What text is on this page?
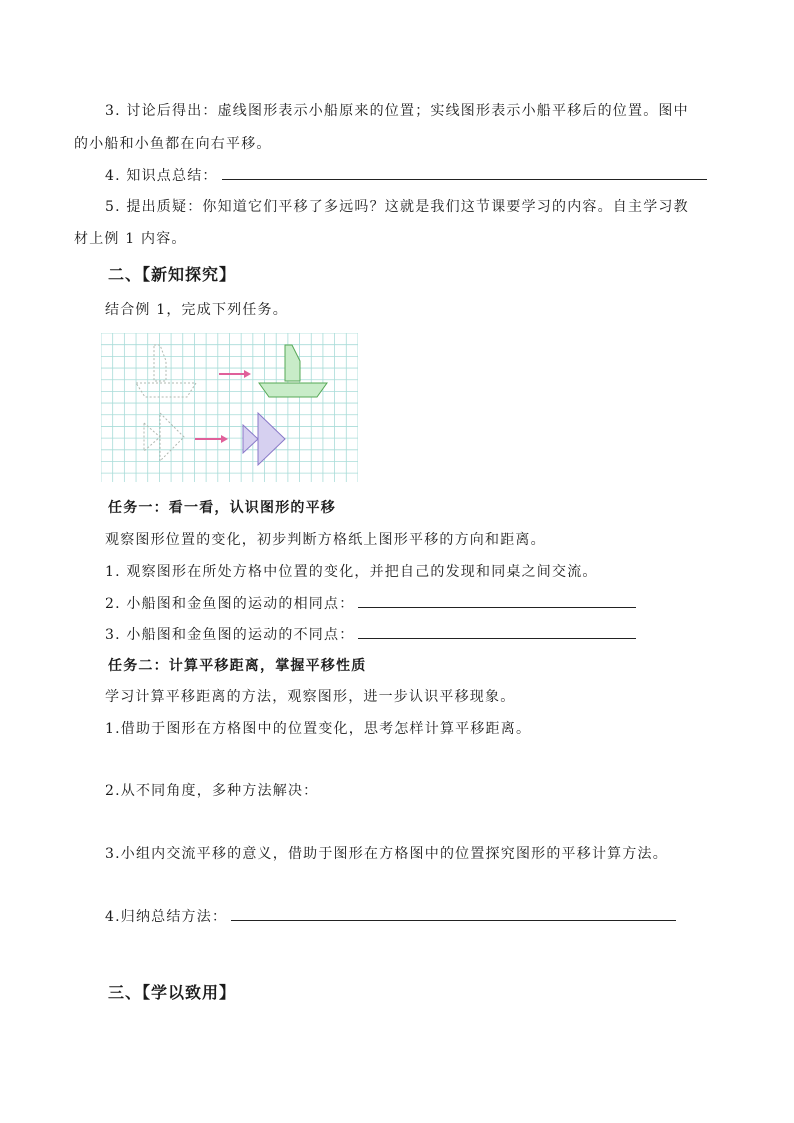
3. 讨论后得出：虚线图形表示小船原来的位置；实线图形表示小船平移后的位置。图中
的小船和小鱼都在向右平移。
4. 知识点总结：
5. 提出质疑：你知道它们平移了多远吗？这就是我们这节课要学习的内容。自主学习教
材上例 1 内容。
二、【新知探究】
结合例 1，完成下列任务。
任务一：看一看，认识图形的平移
观察图形位置的变化，初步判断方格纸上图形平移的方向和距离。
1. 观察图形在所处方格中位置的变化，并把自己的发现和同桌之间交流。
2. 小船图和金鱼图的运动的相同点：
3. 小船图和金鱼图的运动的不同点：
任务二：计算平移距离，掌握平移性质
学习计算平移距离的方法，观察图形，进一步认识平移现象。
1.借助于图形在方格图中的位置变化，思考怎样计算平移距离。
2.从不同角度，多种方法解决：
3.小组内交流平移的意义，借助于图形在方格图中的位置探究图形的平移计算方法。
4.归纳总结方法：
三、【学以致用】
